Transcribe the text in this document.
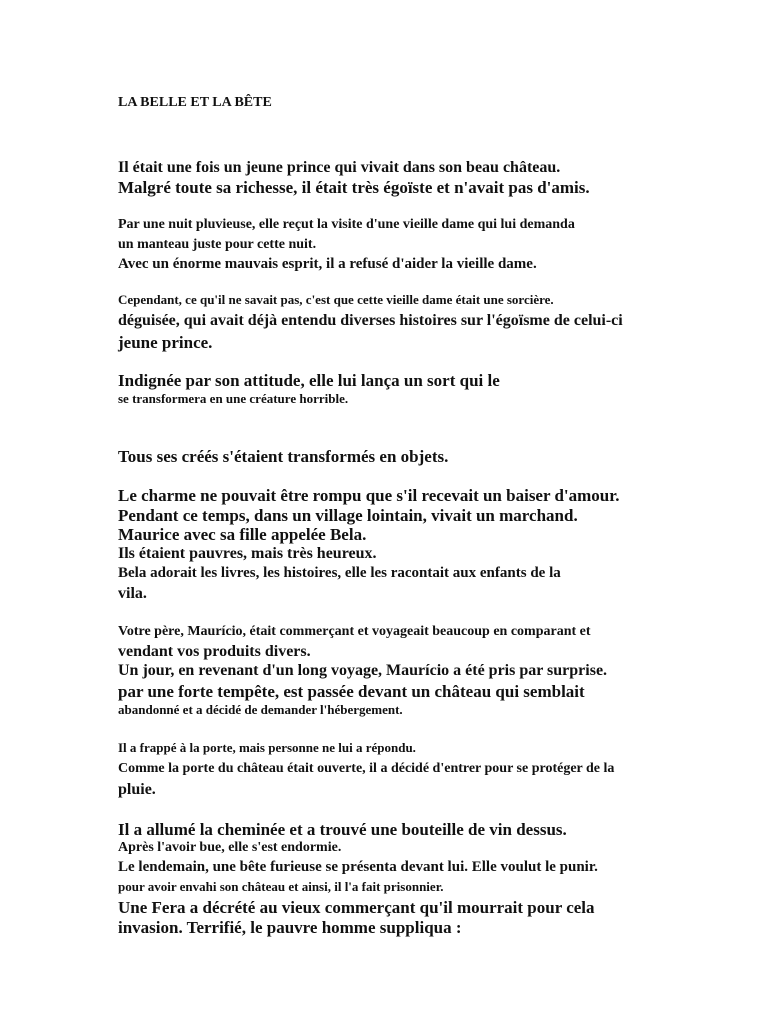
LA BELLE ET LA BÊTE
Il était une fois un jeune prince qui vivait dans son beau château.
Malgré toute sa richesse, il était très égoïste et n'avait pas d'amis.
Par une nuit pluvieuse, elle reçut la visite d'une vieille dame qui lui demanda
un manteau juste pour cette nuit.
Avec un énorme mauvais esprit, il a refusé d'aider la vieille dame.
Cependant, ce qu'il ne savait pas, c'est que cette vieille dame était une sorcière.
déguisée, qui avait déjà entendu diverses histoires sur l'égoïsme de celui-ci
jeune prince.
Indignée par son attitude, elle lui lança un sort qui le
se transformera en une créature horrible.
Tous ses créés s'étaient transformés en objets.
Le charme ne pouvait être rompu que s'il recevait un baiser d'amour.
Pendant ce temps, dans un village lointain, vivait un marchand.
Maurice avec sa fille appelée Bela.
Ils étaient pauvres, mais très heureux.
Bela adorait les livres, les histoires, elle les racontait aux enfants de la
vila.
Votre père, Maurício, était commerçant et voyageait beaucoup en comparant et
vendant vos produits divers.
Un jour, en revenant d'un long voyage, Maurício a été pris par surprise.
par une forte tempête, est passée devant un château qui semblait
abandonné et a décidé de demander l'hébergement.
Il a frappé à la porte, mais personne ne lui a répondu.
Comme la porte du château était ouverte, il a décidé d'entrer pour se protéger de la
pluie.
Il a allumé la cheminée et a trouvé une bouteille de vin dessus.
Après l'avoir bue, elle s'est endormie.
Le lendemain, une bête furieuse se présenta devant lui. Elle voulut le punir.
pour avoir envahi son château et ainsi, il l'a fait prisonnier.
Une Fera a décrété au vieux commerçant qu'il mourrait pour cela
invasion. Terrifié, le pauvre homme suppliqua :
